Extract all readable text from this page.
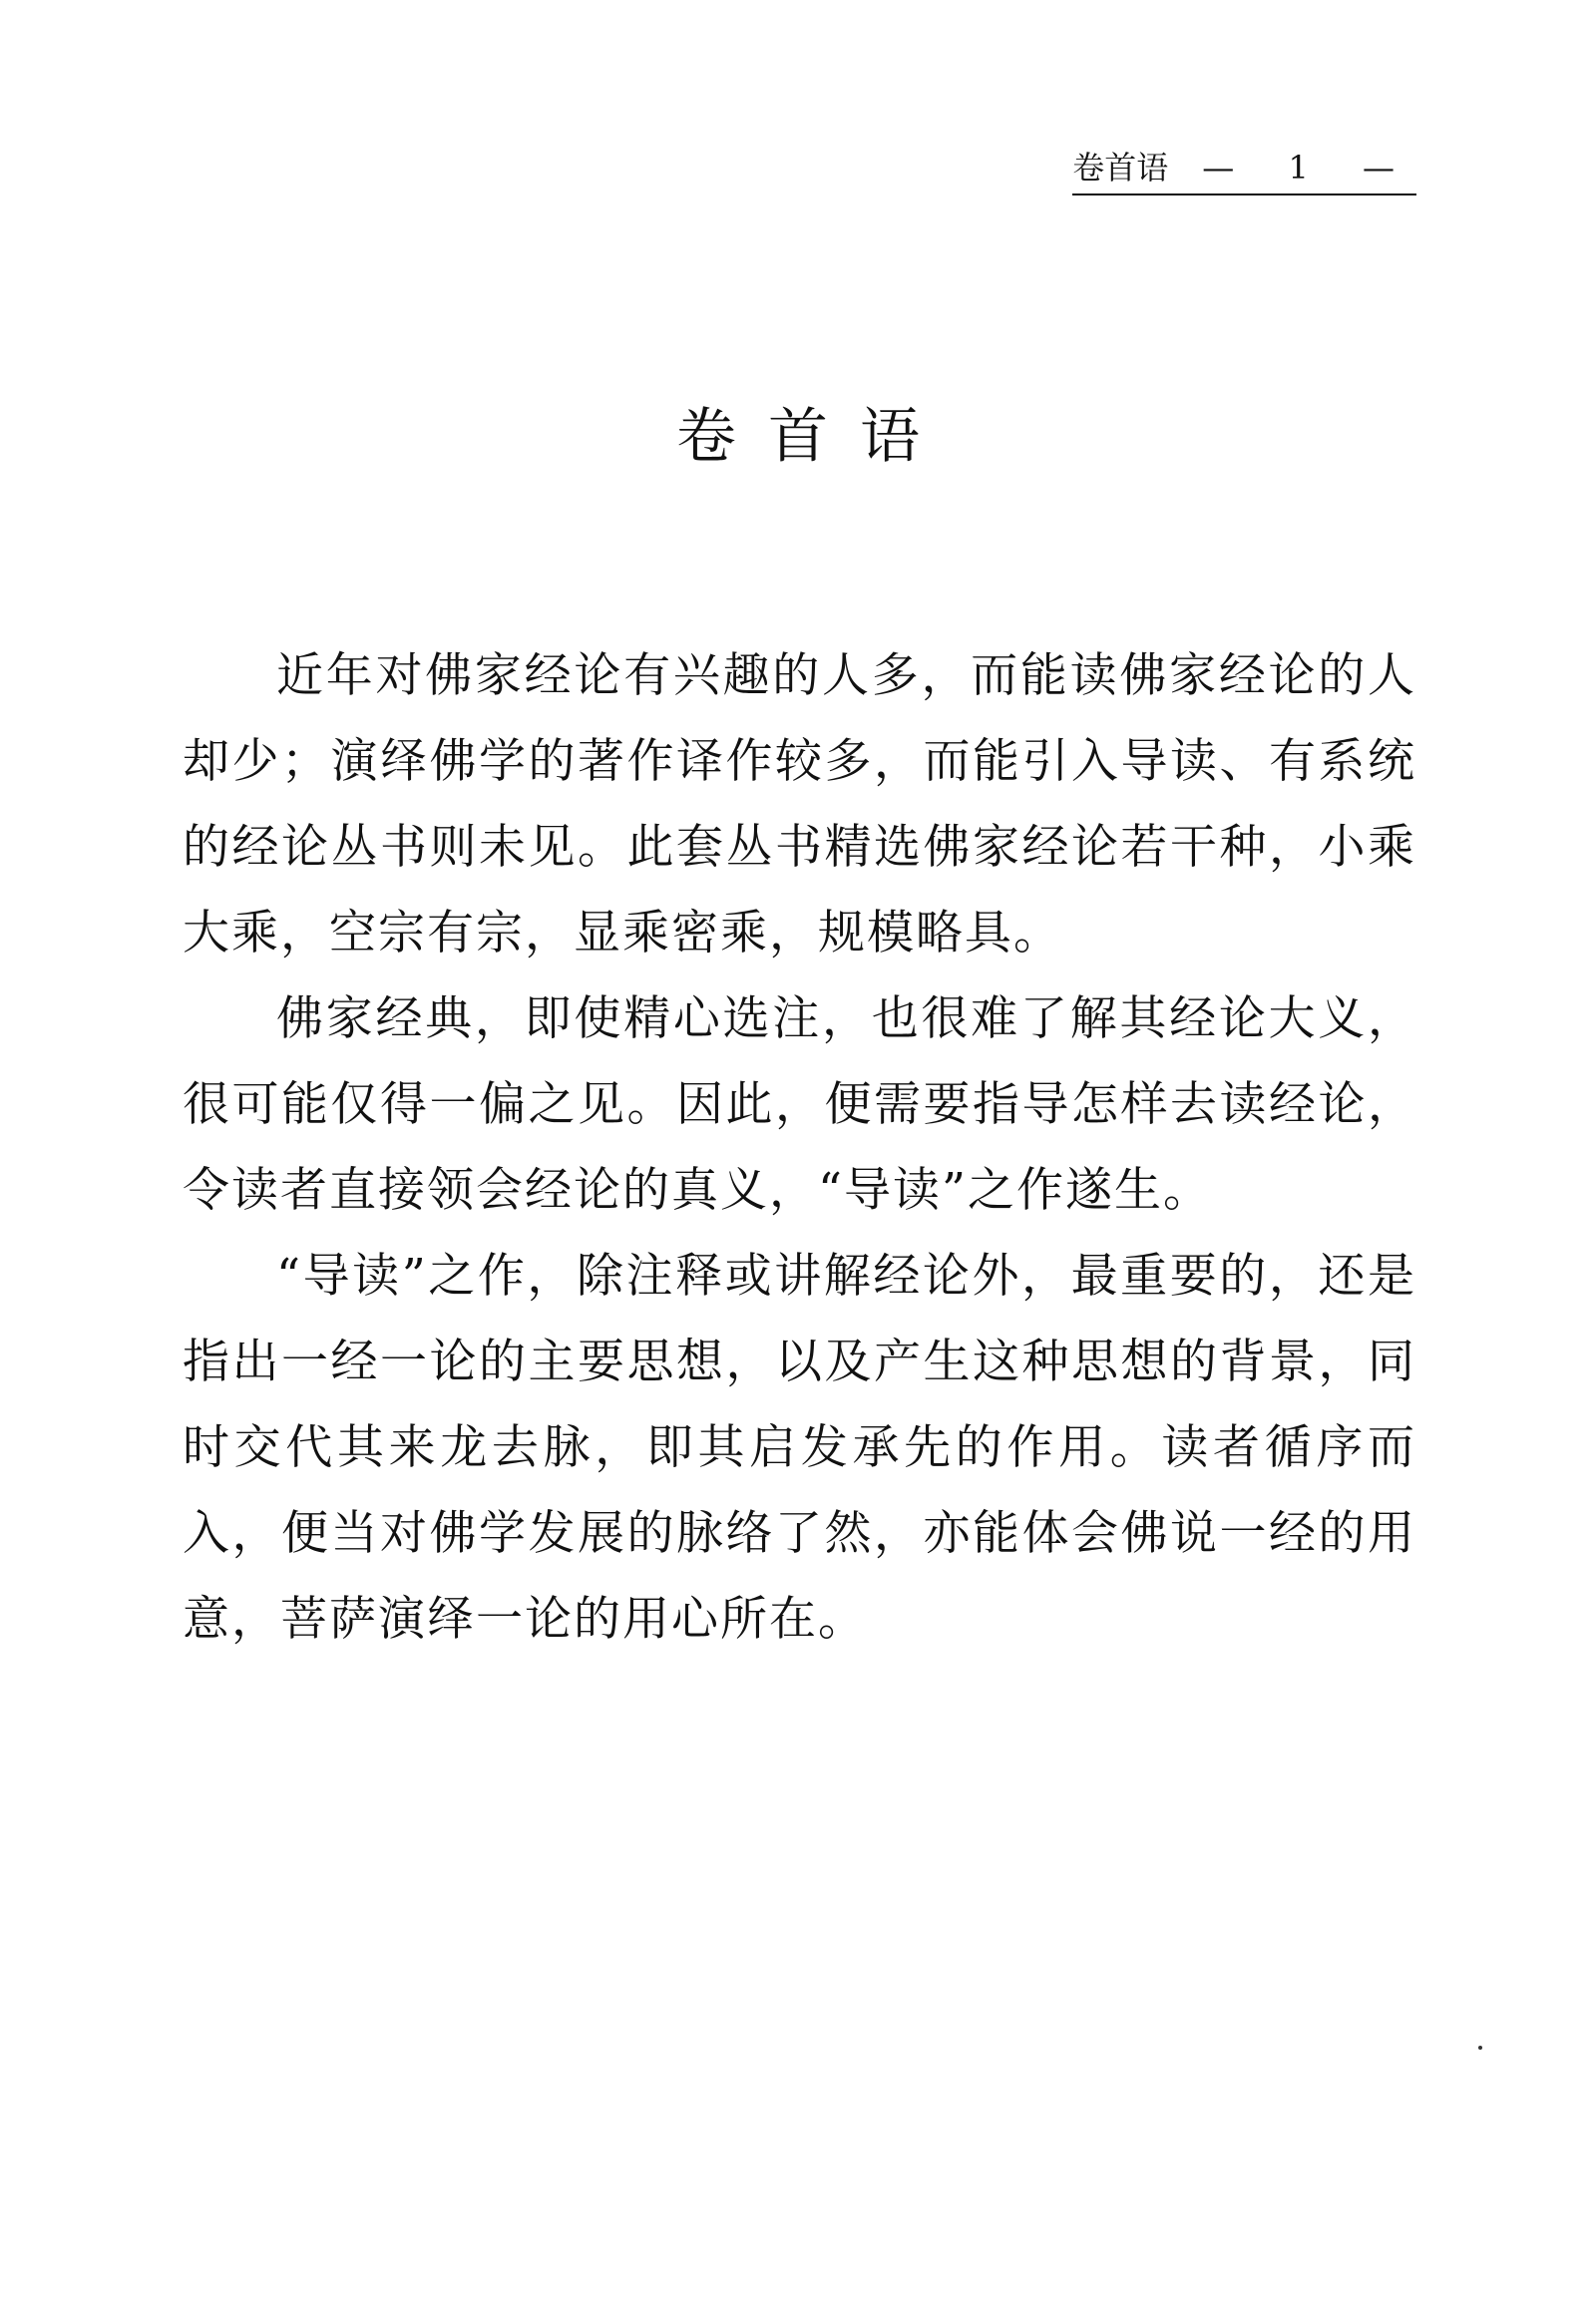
卷首语	— 1 —
卷首语

近年对佛家经论有兴趣的人多，而能读佛家经论的人却少；演绎佛学的著作译作较多，而能引入导读、有系统的经论丛书则未见。此套丛书精选佛家经论若干种，小乘大乘，空宗有宗，显乘密乘，规模略具。

佛家经典，即使精心选注，也很难了解其经论大义，很可能仅得一偏之见。因此，便需要指导怎样去读经论，令读者直接领会经论的真义，“导读”之作遂生。

“导读”之作，除注释或讲解经论外，最重要的，还是指出一经一论的主要思想，以及产生这种思想的背景，同时交代其来龙去脉，即其启发承先的作用。读者循序而入，便当对佛学发展的脉络了然，亦能体会佛说一经的用意，菩萨演绎一论的用心所在。
